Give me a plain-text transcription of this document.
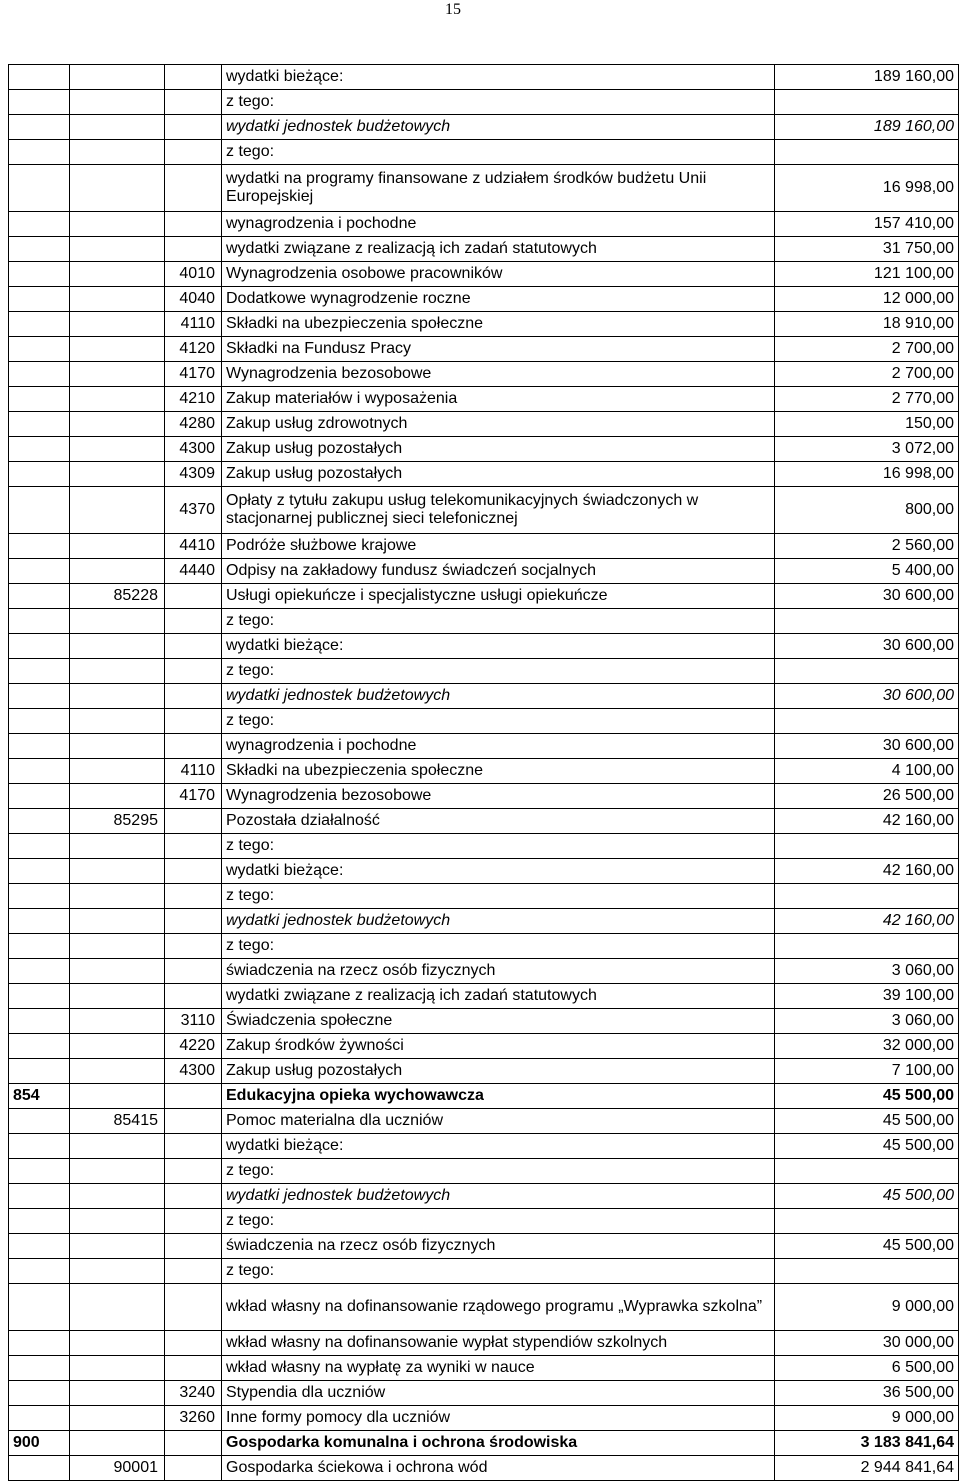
15
			wydatki bieżące:	189 160,00
			z tego:	
			wydatki jednostek budżetowych	189 160,00
			z tego:	
			wydatki na programy finansowane z udziałem środków budżetu Unii Europejskiej	16 998,00
			wynagrodzenia i pochodne	157 410,00
			wydatki związane z realizacją ich zadań statutowych	31 750,00
		4010	Wynagrodzenia osobowe pracowników	121 100,00
		4040	Dodatkowe wynagrodzenie roczne	12 000,00
		4110	Składki na ubezpieczenia społeczne	18 910,00
		4120	Składki na Fundusz Pracy	2 700,00
		4170	Wynagrodzenia bezosobowe	2 700,00
		4210	Zakup materiałów i wyposażenia	2 770,00
		4280	Zakup usług zdrowotnych	150,00
		4300	Zakup usług pozostałych	3 072,00
		4309	Zakup usług pozostałych	16 998,00
		4370	Opłaty z tytułu zakupu usług telekomunikacyjnych świadczonych w stacjonarnej publicznej sieci telefonicznej	800,00
		4410	Podróże służbowe krajowe	2 560,00
		4440	Odpisy na zakładowy fundusz świadczeń socjalnych	5 400,00
	85228		Usługi opiekuńcze i specjalistyczne usługi opiekuńcze	30 600,00
			z tego:	
			wydatki bieżące:	30 600,00
			z tego:	
			wydatki jednostek budżetowych	30 600,00
			z tego:	
			wynagrodzenia i pochodne	30 600,00
		4110	Składki na ubezpieczenia społeczne	4 100,00
		4170	Wynagrodzenia bezosobowe	26 500,00
	85295		Pozostała działalność	42 160,00
			z tego:	
			wydatki bieżące:	42 160,00
			z tego:	
			wydatki jednostek budżetowych	42 160,00
			z tego:	
			świadczenia na rzecz osób fizycznych	3 060,00
			wydatki związane z realizacją ich zadań statutowych	39 100,00
		3110	Świadczenia społeczne	3 060,00
		4220	Zakup środków żywności	32 000,00
		4300	Zakup usług pozostałych	7 100,00
854			Edukacyjna opieka wychowawcza	45 500,00
	85415		Pomoc materialna dla uczniów	45 500,00
			wydatki bieżące:	45 500,00
			z tego:	
			wydatki jednostek budżetowych	45 500,00
			z tego:	
			świadczenia na rzecz osób fizycznych	45 500,00
			z tego:	
			wkład własny na dofinansowanie rządowego programu „Wyprawka szkolna”	9 000,00
			wkład własny na dofinansowanie wypłat stypendiów szkolnych	30 000,00
			wkład własny na wypłatę za wyniki w nauce	6 500,00
		3240	Stypendia dla uczniów	36 500,00
		3260	Inne formy pomocy dla uczniów	9 000,00
900			Gospodarka komunalna i ochrona środowiska	3 183 841,64
	90001		Gospodarka ściekowa i ochrona wód	2 944 841,64
